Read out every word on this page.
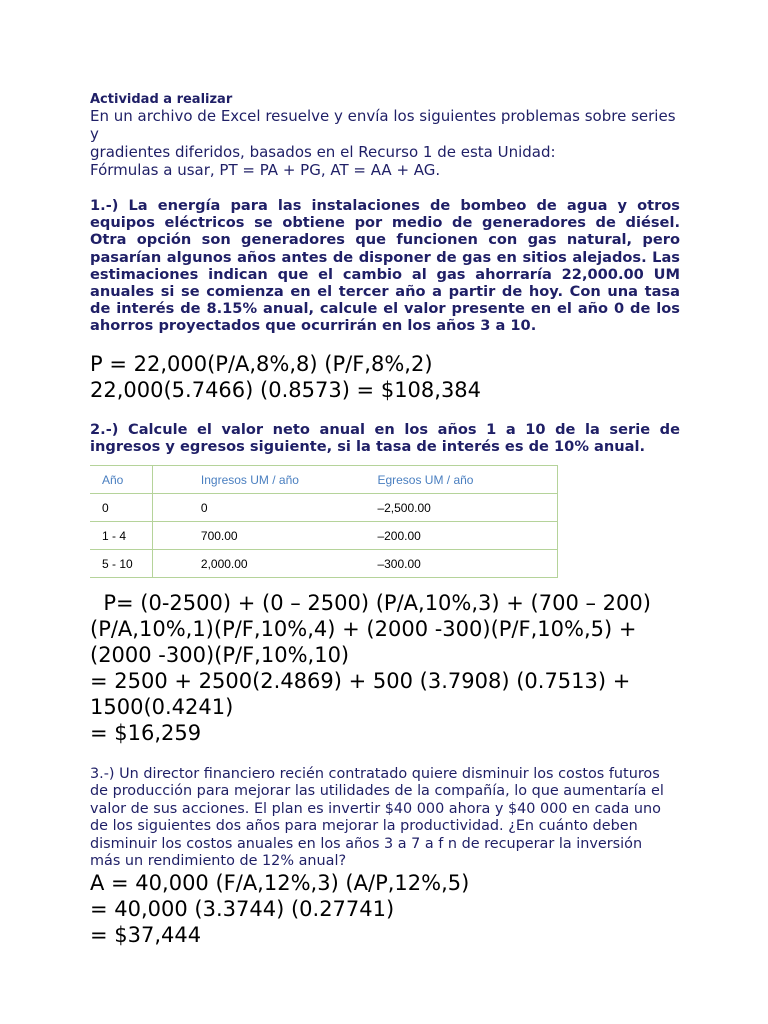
Actividad a realizar

En un archivo de Excel resuelve y envía los siguientes problemas sobre series y

gradientes diferidos, basados en el Recurso 1 de esta Unidad:

Fórmulas a usar, PT = PA + PG, AT = AA + AG.

1.-) La energía para las instalaciones de bombeo de agua y otros equipos eléctricos se obtiene por medio de generadores de diésel. Otra opción son generadores que funcionen con gas natural, pero pasarían algunos años antes de disponer de gas en sitios alejados. Las estimaciones indican que el cambio al gas ahorraría 22,000.00 UM anuales si se comienza en el tercer año a partir de hoy. Con una tasa de interés de 8.15% anual, calcule el valor presente en el año 0 de los ahorros proyectados que ocurrirán en los años 3 a 10.

P = 22,000(P/A,8%,8) (P/F,8%,2)

22,000(5.7466) (0.8573) = $108,384

2.-) Calcule el valor neto anual en los años 1 a 10 de la serie de ingresos y egresos siguiente, si la tasa de interés es de 10% anual.

Año	Ingresos UM / año	Egresos UM / año
0	0	–2,500.00
1 - 4	700.00	–200.00
5 - 10	2,000.00	–300.00

P= (0-2500) + (0 – 2500) (P/A,10%,3) + (700 – 200)

(P/A,10%,1)(P/F,10%,4) + (2000 -300)(P/F,10%,5) +

(2000 -300)(P/F,10%,10)

= 2500 + 2500(2.4869) + 500 (3.7908) (0.7513) +

1500(0.4241)

= $16,259

3.-) Un director financiero recién contratado quiere disminuir los costos futuros

de producción para mejorar las utilidades de la compañía, lo que aumentaría el

valor de sus acciones. El plan es invertir $40 000 ahora y $40 000 en cada uno

de los siguientes dos años para mejorar la productividad. ¿En cuánto deben

disminuir los costos anuales en los años 3 a 7 a f n de recuperar la inversión

más un rendimiento de 12% anual?

A = 40,000 (F/A,12%,3) (A/P,12%,5)

= 40,000 (3.3744) (0.27741)

= $37,444
